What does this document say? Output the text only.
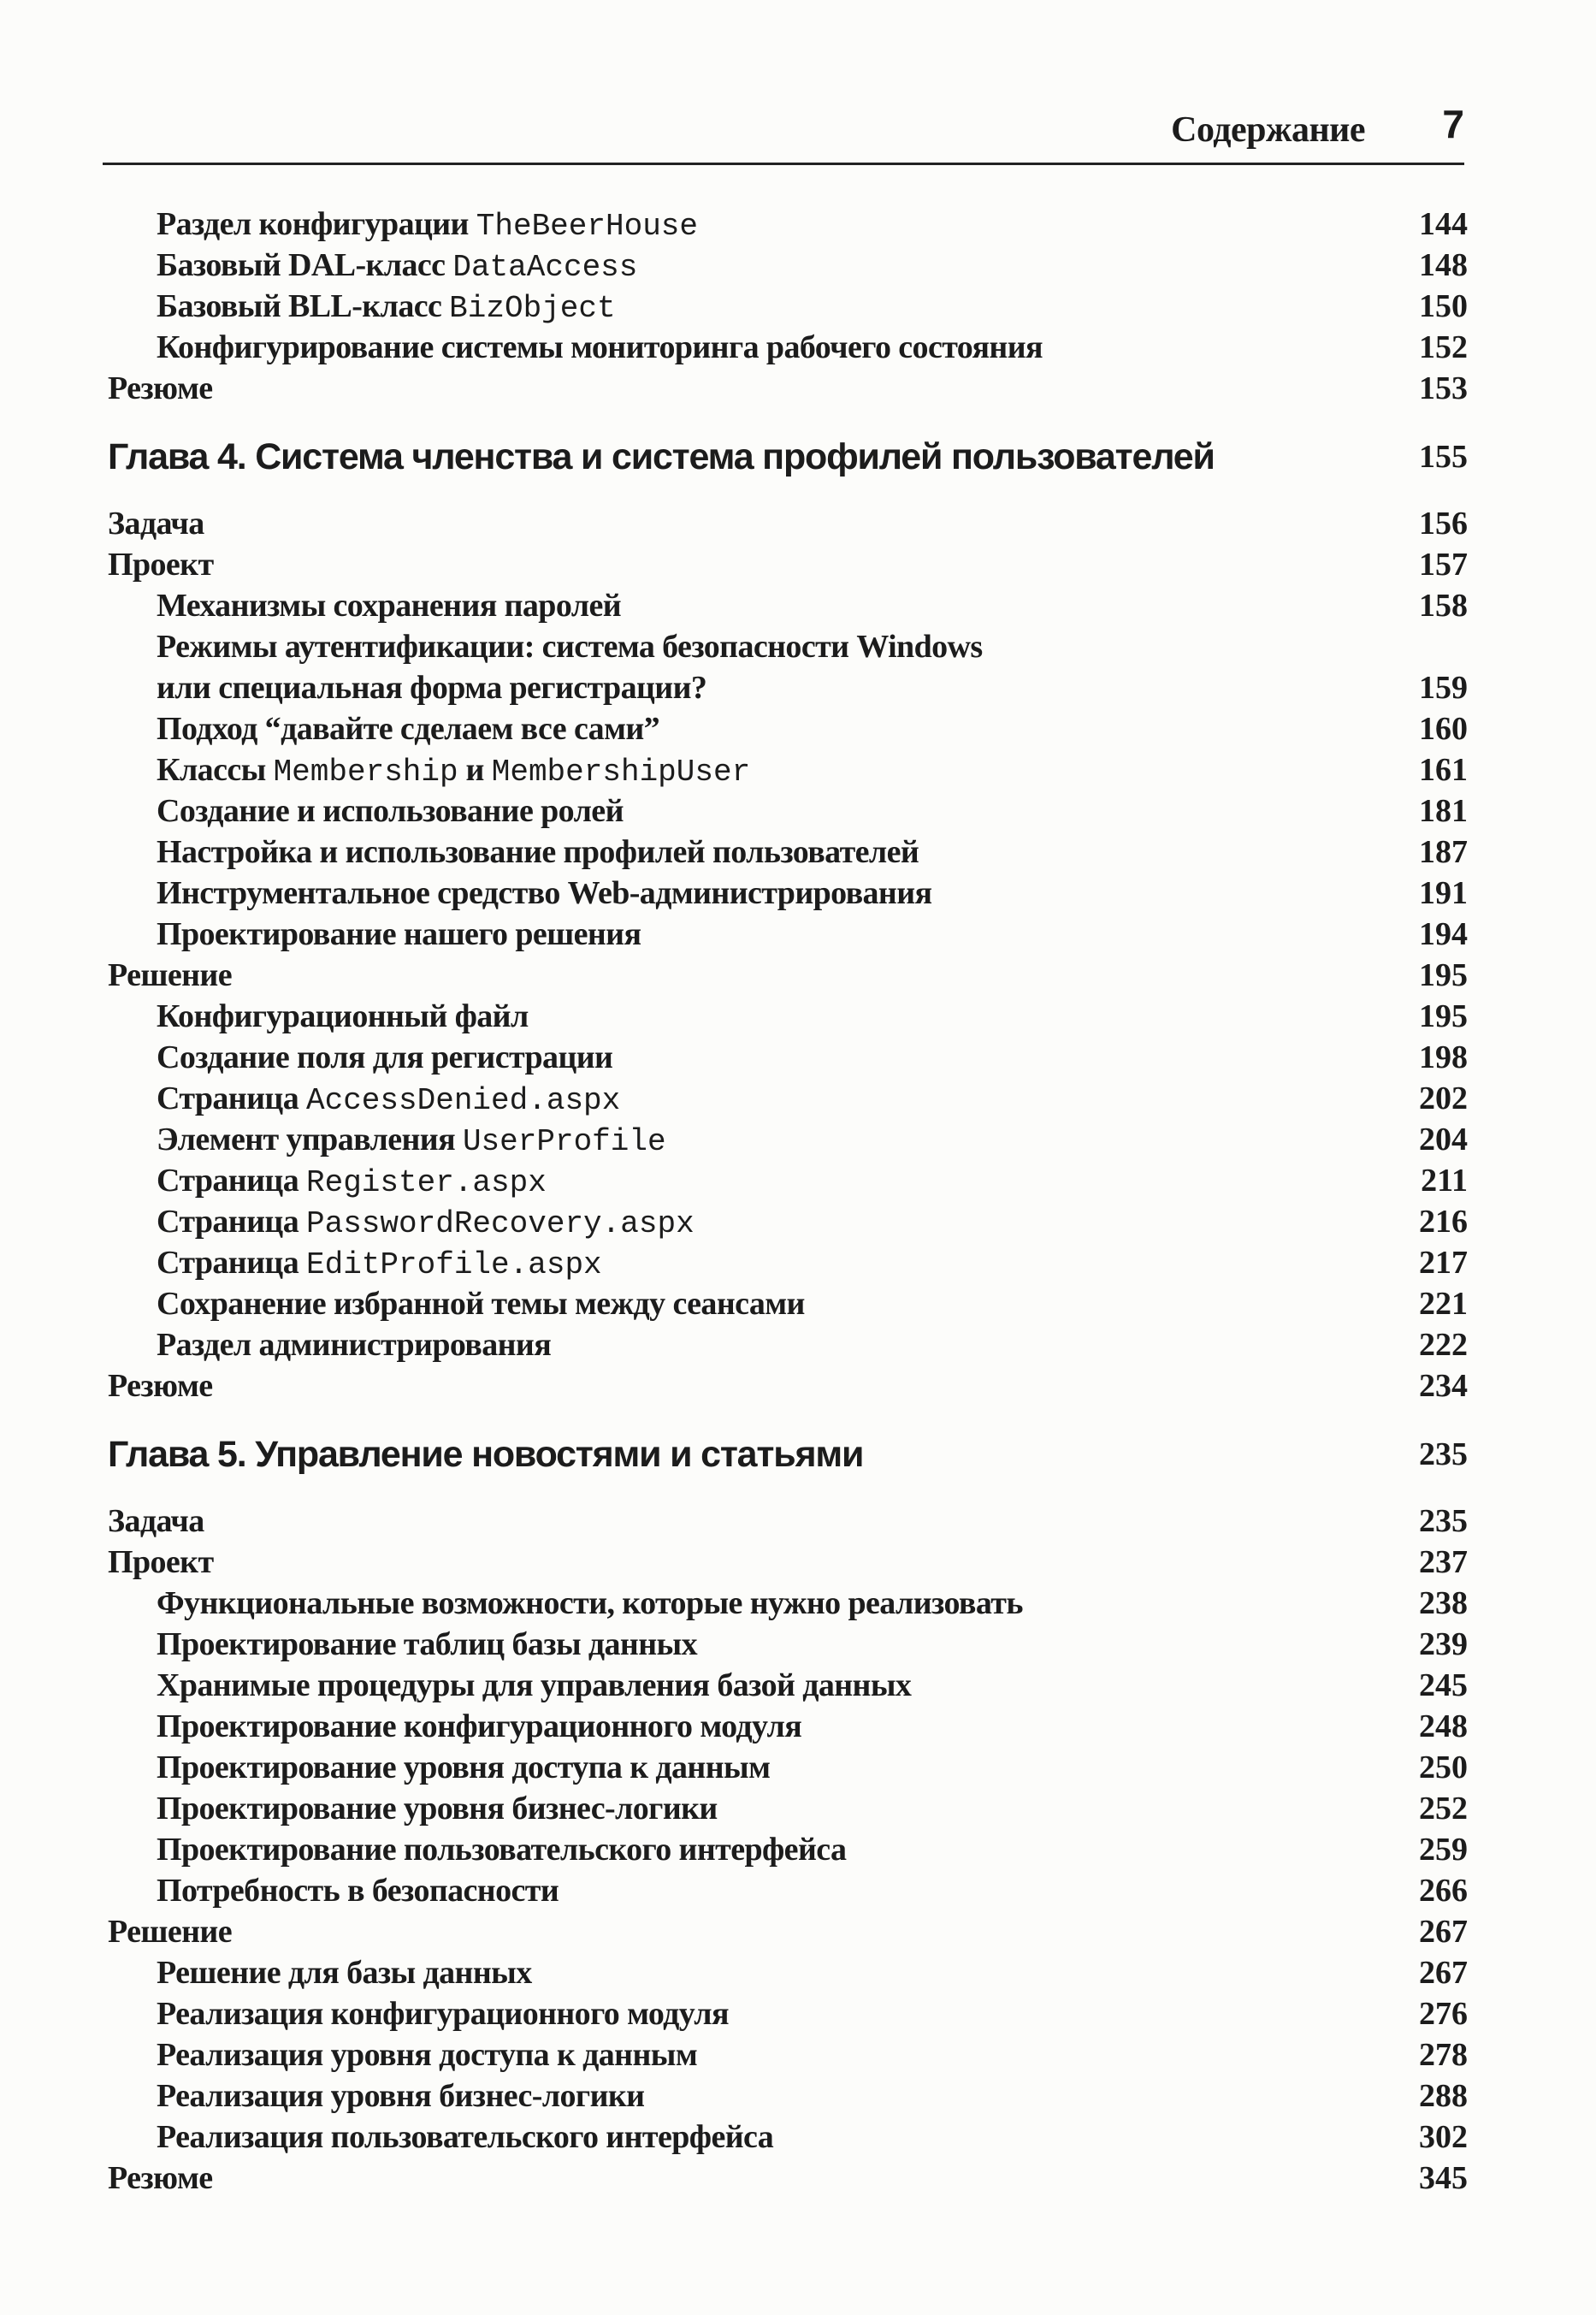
Содержание 7
Раздел конфигурации TheBeerHouse	144
Базовый DAL-класс DataAccess	148
Базовый BLL-класс BizObject	150
Конфигурирование системы мониторинга рабочего состояния	152
Резюме	153
Глава 4. Система членства и система профилей пользователей	155
Задача	156
Проект	157
Механизмы сохранения паролей	158
Режимы аутентификации: система безопасности Windows
или специальная форма регистрации?	159
Подход “давайте сделаем все сами”	160
Классы Membership и MembershipUser	161
Создание и использование ролей	181
Настройка и использование профилей пользователей	187
Инструментальное средство Web-администрирования	191
Проектирование нашего решения	194
Решение	195
Конфигурационный файл	195
Создание поля для регистрации	198
Страница AccessDenied.aspx	202
Элемент управления UserProfile	204
Страница Register.aspx	211
Страница PasswordRecovery.aspx	216
Страница EditProfile.aspx	217
Сохранение избранной темы между сеансами	221
Раздел администрирования	222
Резюме	234
Глава 5. Управление новостями и статьями	235
Задача	235
Проект	237
Функциональные возможности, которые нужно реализовать	238
Проектирование таблиц базы данных	239
Хранимые процедуры для управления базой данных	245
Проектирование конфигурационного модуля	248
Проектирование уровня доступа к данным	250
Проектирование уровня бизнес-логики	252
Проектирование пользовательского интерфейса	259
Потребность в безопасности	266
Решение	267
Решение для базы данных	267
Реализация конфигурационного модуля	276
Реализация уровня доступа к данным	278
Реализация уровня бизнес-логики	288
Реализация пользовательского интерфейса	302
Резюме	345
